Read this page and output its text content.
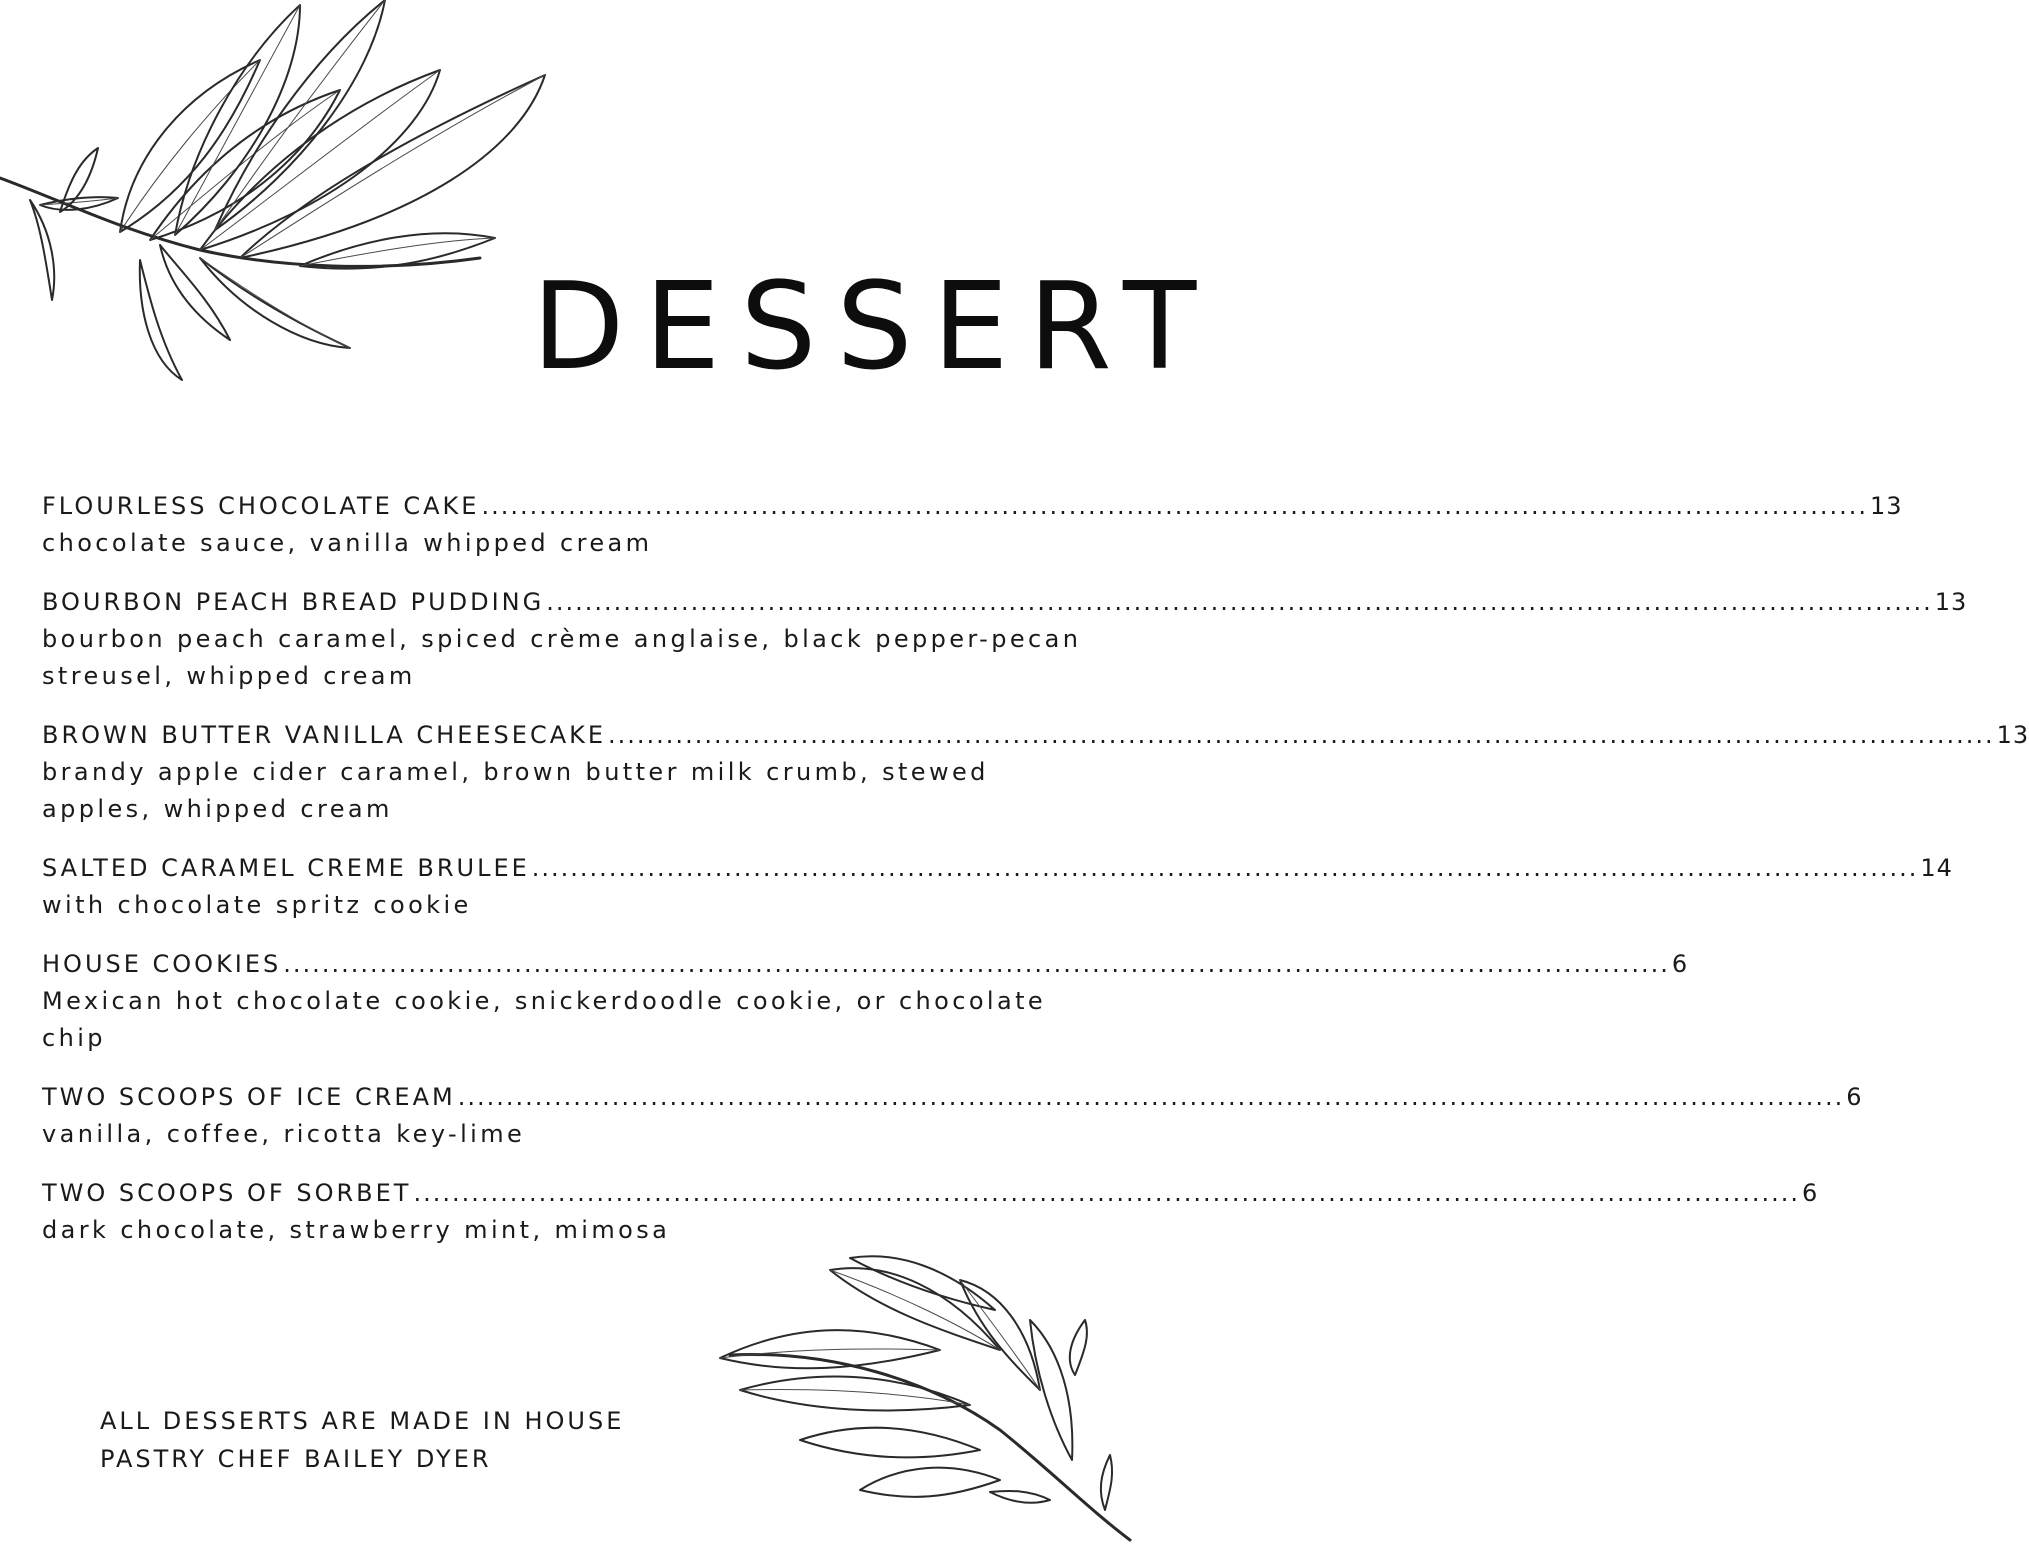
DESSERT
FLOURLESS CHOCOLATE CAKE ................................................................................................................................................ 13
chocolate sauce, vanilla whipped cream
BOURBON PEACH BREAD PUDDING ................................................................................................................................................ 13
bourbon peach caramel, spiced crème anglaise, black pepper-pecan streusel, whipped cream
BROWN BUTTER VANILLA CHEESECAKE ................................................................................................................................................ 13
brandy apple cider caramel, brown butter milk crumb, stewed apples, whipped cream
SALTED CARAMEL CREME BRULEE ................................................................................................................................................ 14
with chocolate spritz cookie
HOUSE COOKIES ................................................................................................................................................ 6
Mexican hot chocolate cookie, snickerdoodle cookie, or chocolate chip
TWO SCOOPS OF ICE CREAM ................................................................................................................................................ 6
vanilla, coffee, ricotta key-lime
TWO SCOOPS OF SORBET ................................................................................................................................................ 6
dark chocolate, strawberry mint, mimosa
ALL DESSERTS ARE MADE IN HOUSE
PASTRY CHEF BAILEY DYER
